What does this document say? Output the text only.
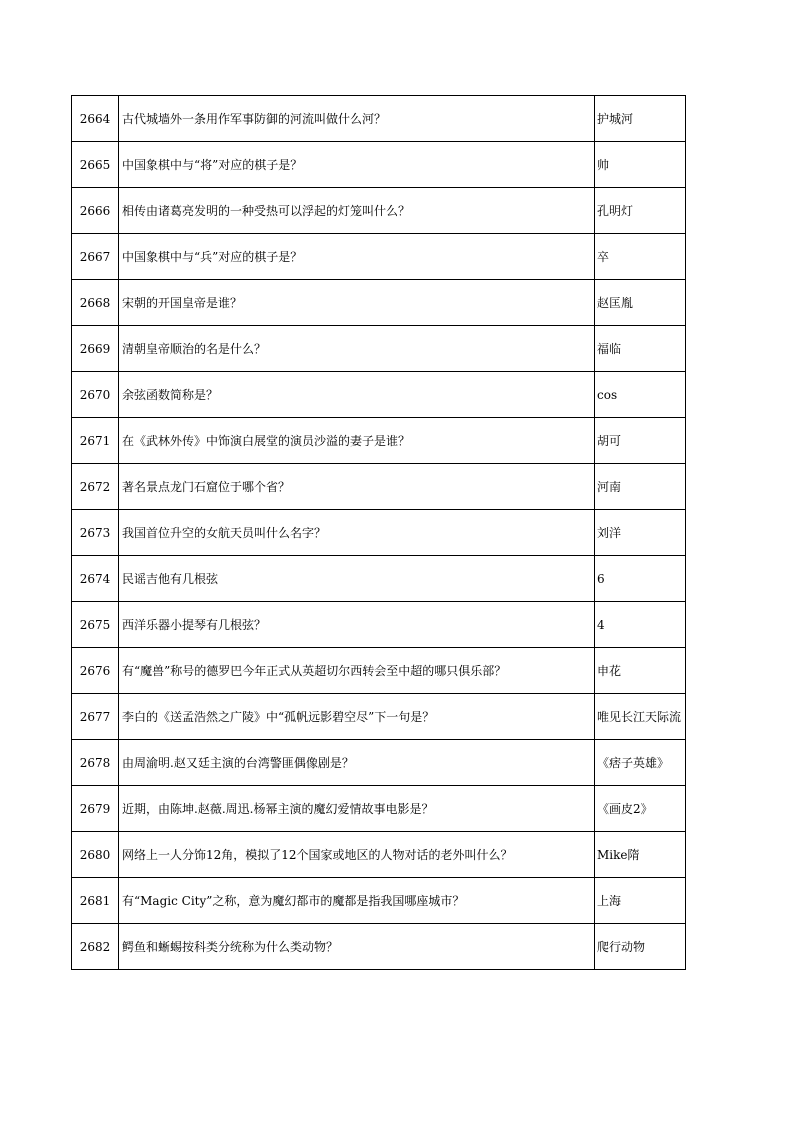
2664	古代城墙外一条用作军事防御的河流叫做什么河？	护城河
2665	中国象棋中与“将”对应的棋子是？	帅
2666	相传由诸葛亮发明的一种受热可以浮起的灯笼叫什么？	孔明灯
2667	中国象棋中与“兵”对应的棋子是？	卒
2668	宋朝的开国皇帝是谁？	赵匡胤
2669	清朝皇帝顺治的名是什么？	福临
2670	余弦函数简称是？	cos
2671	在《武林外传》中饰演白展堂的演员沙溢的妻子是谁？	胡可
2672	著名景点龙门石窟位于哪个省？	河南
2673	我国首位升空的女航天员叫什么名字？	刘洋
2674	民谣吉他有几根弦	6
2675	西洋乐器小提琴有几根弦？	4
2676	有“魔兽”称号的德罗巴今年正式从英超切尔西转会至中超的哪只俱乐部？	申花
2677	李白的《送孟浩然之广陵》中“孤帆远影碧空尽”下一句是？	唯见长江天际流
2678	由周渝明.赵又廷主演的台湾警匪偶像剧是？	《痞子英雄》
2679	近期，由陈坤.赵薇.周迅.杨幂主演的魔幻爱情故事电影是？	《画皮2》
2680	网络上一人分饰12角，模拟了12个国家或地区的人物对话的老外叫什么？	Mike隋
2681	有“Magic City”之称，意为魔幻都市的魔都是指我国哪座城市？	上海
2682	鳄鱼和蜥蜴按科类分统称为什么类动物？	爬行动物
